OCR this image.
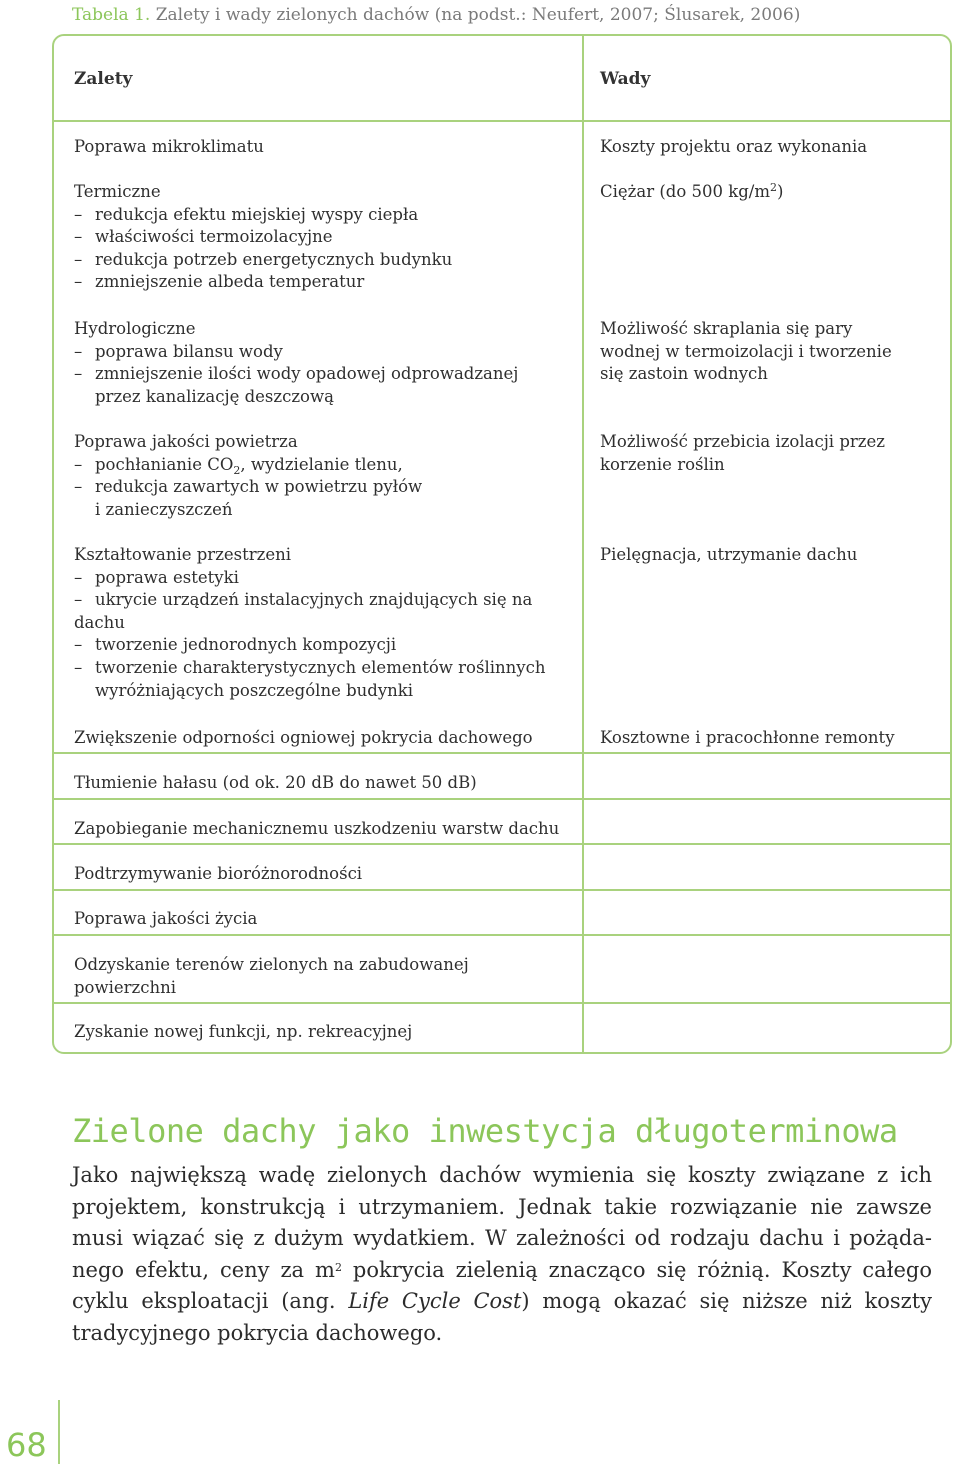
Tabela 1. Zalety i wady zielonych dachów (na podst.: Neufert, 2007; Ślusarek, 2006)
Zalety	Wady
Poprawa mikroklimatu
Termiczne
– redukcja efektu miejskiej wyspy ciepła
– właściwości termoizolacyjne
– redukcja potrzeb energetycznych budynku
– zmniejszenie albeda temperatur
Hydrologiczne
– poprawa bilansu wody
– zmniejszenie ilości wody opadowej odprowadzanej
przez kanalizację deszczową
Poprawa jakości powietrza
– pochłanianie $CO_2$, wydzielanie tlenu,
– redukcja zawartych w powietrzu pyłów
i zanieczyszczeń
Kształtowanie przestrzeni
– poprawa estetyki
– ukrycie urządzeń instalacyjnych znajdujących się na
dachu
– tworzenie jednorodnych kompozycji
– tworzenie charakterystycznych elementów roślinnych
wyróżniających poszczególne budynki
Zwiększenie odporności ogniowej pokrycia dachowego
Tłumienie hałasu (od ok. 20 dB do nawet 50 dB)
Zapobieganie mechanicznemu uszkodzeniu warstw dachu
Podtrzymywanie bioróżnorodności
Poprawa jakości życia
Odzyskanie terenów zielonych na zabudowanej
powierzchni
Zyskanie nowej funkcji, np. rekreacyjnej
Koszty projektu oraz wykonania
Ciężar (do 500 $kg/m^2$)
Możliwość skraplania się pary
wodnej w termoizolacji i tworzenie
się zastoin wodnych
Możliwość przebicia izolacji przez
korzenie roślin
Pielęgnacja, utrzymanie dachu
Kosztowne i pracochłonne remonty
Zielone dachy jako inwestycja długoterminowa
Jako największą wadę zielonych dachów wymienia się koszty związane z ich
projektem, konstrukcją i utrzymaniem. Jednak takie rozwiązanie nie zawsze
musi wiązać się z dużym wydatkiem. W zależności od rodzaju dachu i pożąda-
nego efektu, ceny za $m^2$ pokrycia zielenią znacząco się różnią. Koszty całego
cyklu eksploatacji (ang. Life Cycle Cost) mogą okazać się niższe niż koszty
tradycyjnego pokrycia dachowego.
68
